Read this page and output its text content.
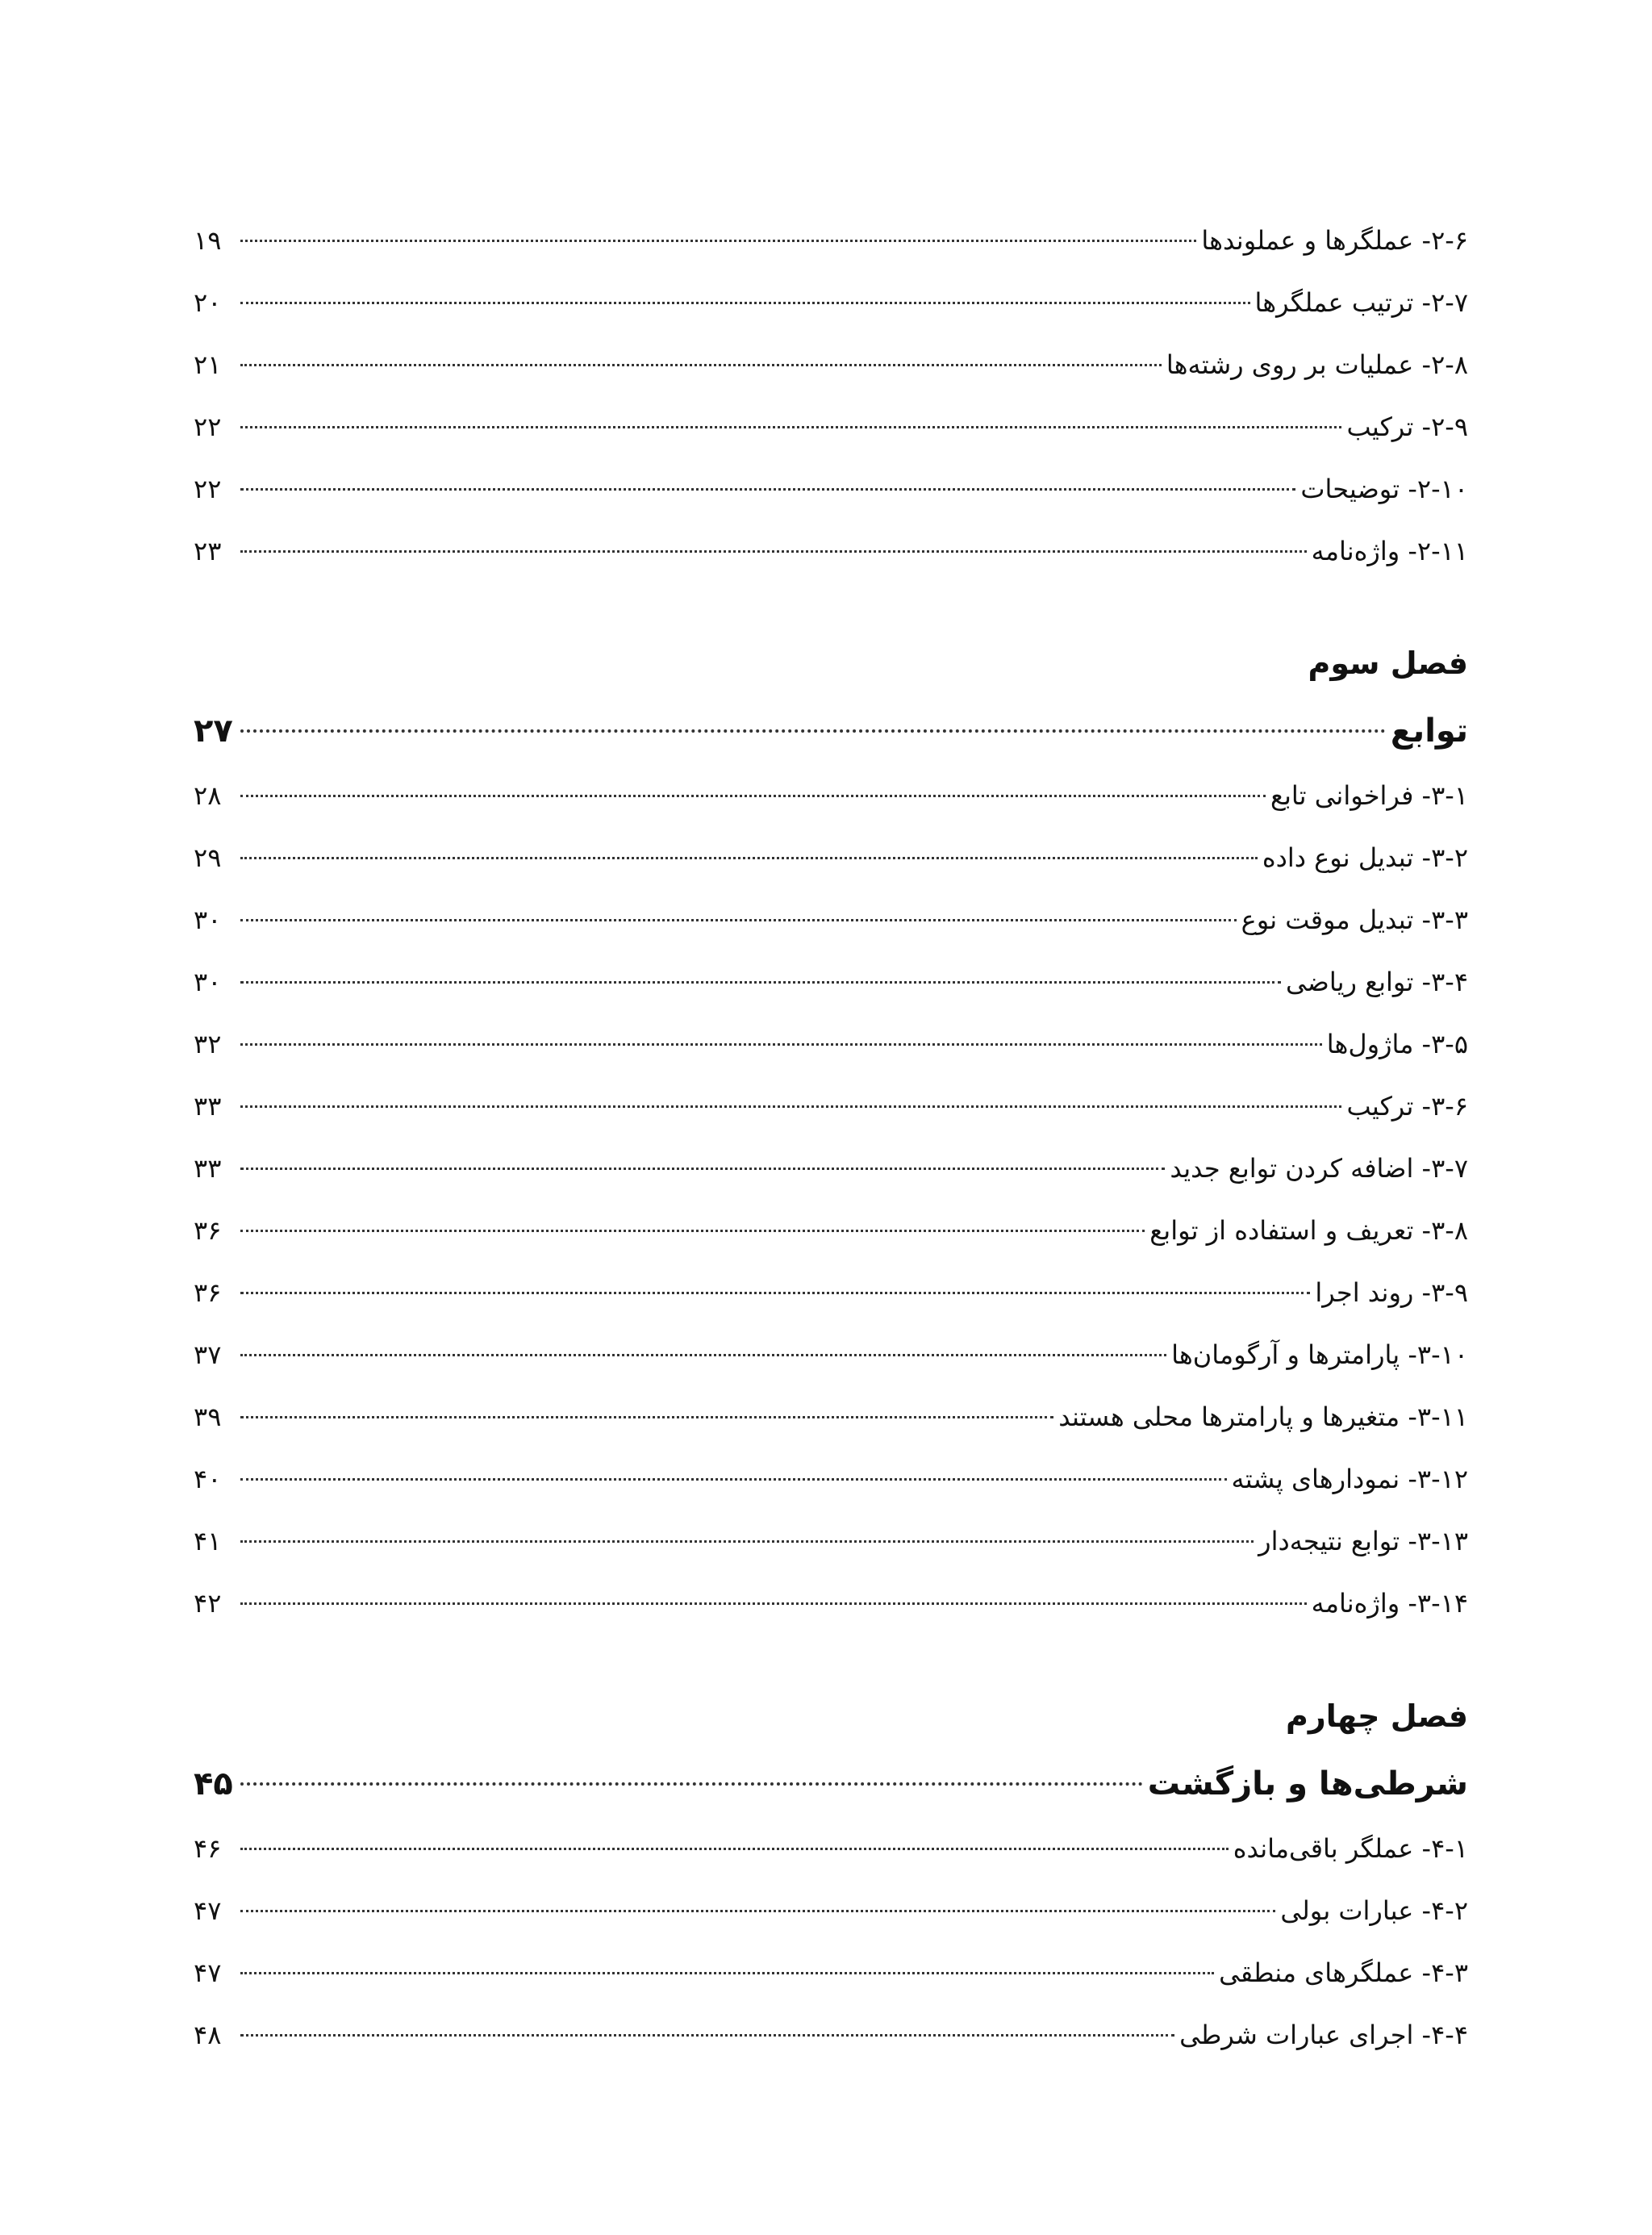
۲-۶- عملگرها و عملوندها
۱۹
۲-۷- ترتیب عملگرها
۲۰
۲-۸- عملیات بر روی رشته‌ها
۲۱
۲-۹- ترکیب
۲۲
۲-۱۰- توضیحات
۲۲
۲-۱۱- واژه‌نامه
۲۳
فصل سوم
توابع
۲۷
۳-۱- فراخوانی تابع
۲۸
۳-۲- تبدیل نوع داده
۲۹
۳-۳- تبدیل موقت نوع
۳۰
۳-۴- توابع ریاضی
۳۰
۳-۵- ماژول‌ها
۳۲
۳-۶- ترکیب
۳۳
۳-۷- اضافه کردن توابع جدید
۳۳
۳-۸- تعریف و استفاده از توابع
۳۶
۳-۹- روند اجرا
۳۶
۳-۱۰- پارامترها و آرگومان‌ها
۳۷
۳-۱۱- متغیرها و پارامترها محلی هستند
۳۹
۳-۱۲- نمودارهای پشته
۴۰
۳-۱۳- توابع نتیجه‌دار
۴۱
۳-۱۴- واژه‌نامه
۴۲
فصل چهارم
شرطی‌ها و بازگشت
۴۵
۴-۱- عملگر باقی‌مانده
۴۶
۴-۲- عبارات بولی
۴۷
۴-۳- عملگرهای منطقی
۴۷
۴-۴- اجرای عبارات شرطی
۴۸
